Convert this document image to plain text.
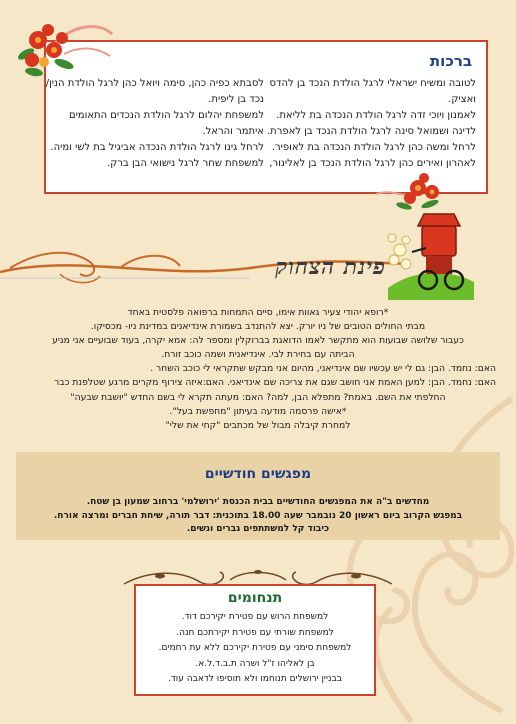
ברכות
לטובה ומשיח ישראלי לרגל הולדת הנכד בן להדס
ואציק.
לאמנון ויוכי זדה לרגל הולדת הנכדה בת לליאת.
לדינה ושמואל סינה לרגל הולדת הנכד בן לאפרת.
לרחל ומשה כהן לרגל הולדת הנכדה בת לאופיר.
לאהרון ואירים כהן לרגל הולדת הנכד בן לאלינור,
לסבתא כפיה כהן, סימה ויואל כהן לרגל הולדת הנין/
נכד בן ליפית.
למשפחת יהלום לרגל הולדת הנכדים התאומים
איתמר והראל.
לרחל גינו לרגל הולדת הנכדה אביגיל בת לשי ומיה.
למשפחת שחר לרגל נישואי הבן ברק.
פינת הצחוק

*רופא יהודי צעיר גאוות אימו, סיים התמחות ברפואה פלסטית באחד

מבתי החולים הטובים של ניו יורק. יצא להתנדב בשמורת אינדיאנים במדינת ניו- מכסיקו.

כעבור שלושה שבועות הוא מתקשר לאמו הדואגת בברוקלין ומספר לה: אמא יקרה, בעוד שבועיים אני מגיע

הביתה עם בחירת לבי. אינדיאנית ושמה כוכב זורח.

האם: נחמד. הבן: גם לי יש עכשיו שם אינדיאני, מהיום אני מבקש שתקראי לי כוכב השחר .

האם: נחמד. הבן: למען האמת אני חושב שגם את צריכה שם אינדיאני. האם:איזה צירוף מקרים מרגע שטלפנת כבר

החלפתי את השם. באמת? מתפלא הבן, למה? האם: מעתה תקרא לי בשם החדש "יושבת שבעה"

*אישה פרסמה מודעה בעיתון "מחפשת בעל".

למחרת קיבלה מבול של מכתבים "קחי את שלי"

מפגשים חודשיים

מחדשים ב"ה את המפגשים החודשיים בבית הכנסת 'ירושלמי' ברחוב שמעון בן שטח.

במפגש הקרוב ביום ראשון 20 נובמבר שעה 18.00 בתוכנית: דבר תורה, שיחת חברים ומרצה אורח.

כיבוד קל למשתתפים גברים ונשים.

תנחומים
למשפחת הרוש עם פטירת יקירכם דוד.
למשפחת שורתי עם פטירת יקירתכם חנה.
למשפחת סימני עם פטירת יקירכם ללא עת רחמים.
בן לאליהו ז"ל ושרה ת.ב.ד.ל.א.
בבניין ירושלים תנוחמו ולא תוסיפו לדאבה עוד.
